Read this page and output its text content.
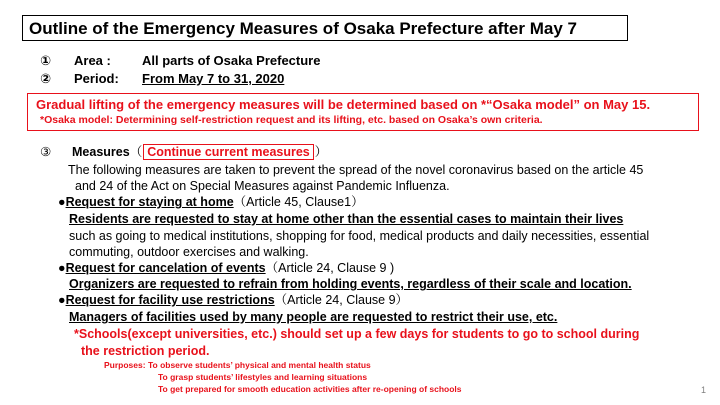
Outline of the Emergency Measures of Osaka Prefecture after May 7
① Area : All parts of Osaka Prefecture
② Period: From May 7 to 31, 2020
Gradual lifting of the emergency measures will be determined based on *“Osaka model” on May 15.
*Osaka model: Determining self-restriction request and its lifting, etc. based on Osaka’s own criteria.
③ Measures（ Continue current measures ）
The following measures are taken to prevent the spread of the novel coronavirus based on the article 45
and 24 of the Act on Special Measures against Pandemic Influenza.
●Request for staying at home（Article 45, Clause1）
Residents are requested to stay at home other than the essential cases to maintain their lives
such as going to medical institutions, shopping for food, medical products and daily necessities, essential
commuting, outdoor exercises and walking.
●Request for cancelation of events（Article 24, Clause 9 )
Organizers are requested to refrain from holding events, regardless of their scale and location.
●Request for facility use restrictions（Article 24, Clause 9）
Managers of facilities used by many people are requested to restrict their use, etc.
*Schools(except universities, etc.) should set up a few days for students to go to school during
the restriction period.
Purposes: To observe students’ physical and mental health status
To grasp students’ lifestyles and learning situations
To get prepared for smooth education activities after re-opening of schools	1
